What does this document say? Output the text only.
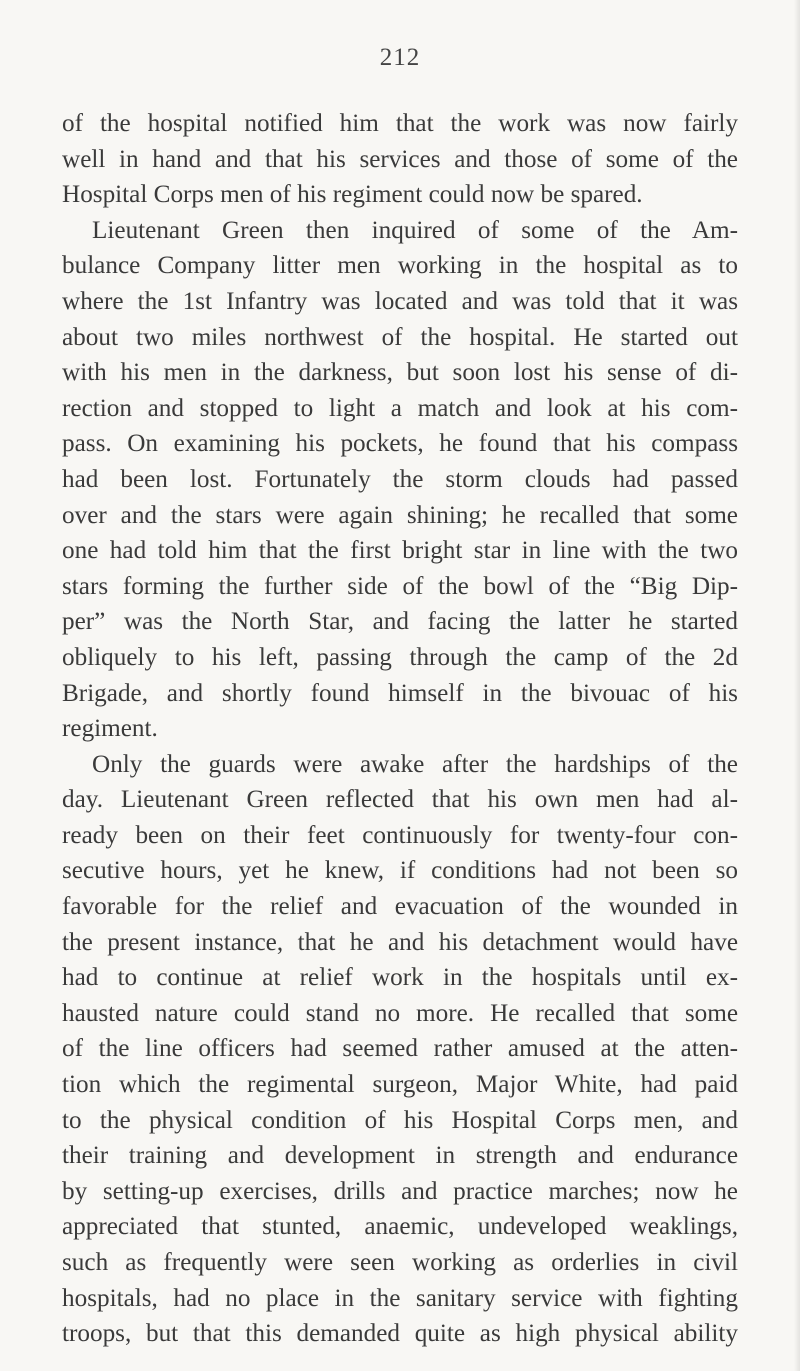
212
of the hospital notified him that the work was now fairly
well in hand and that his services and those of some of the
Hospital Corps men of his regiment could now be spared.
Lieutenant Green then inquired of some of the Am-
bulance Company litter men working in the hospital as to
where the 1st Infantry was located and was told that it was
about two miles northwest of the hospital. He started out
with his men in the darkness, but soon lost his sense of di-
rection and stopped to light a match and look at his com-
pass. On examining his pockets, he found that his compass
had been lost. Fortunately the storm clouds had passed
over and the stars were again shining; he recalled that some
one had told him that the first bright star in line with the two
stars forming the further side of the bowl of the “Big Dip-
per” was the North Star, and facing the latter he started
obliquely to his left, passing through the camp of the 2d
Brigade, and shortly found himself in the bivouac of his
regiment.
Only the guards were awake after the hardships of the
day. Lieutenant Green reflected that his own men had al-
ready been on their feet continuously for twenty-four con-
secutive hours, yet he knew, if conditions had not been so
favorable for the relief and evacuation of the wounded in
the present instance, that he and his detachment would have
had to continue at relief work in the hospitals until ex-
hausted nature could stand no more. He recalled that some
of the line officers had seemed rather amused at the atten-
tion which the regimental surgeon, Major White, had paid
to the physical condition of his Hospital Corps men, and
their training and development in strength and endurance
by setting-up exercises, drills and practice marches; now he
appreciated that stunted, anaemic, undeveloped weaklings,
such as frequently were seen working as orderlies in civil
hospitals, had no place in the sanitary service with fighting
troops, but that this demanded quite as high physical ability
